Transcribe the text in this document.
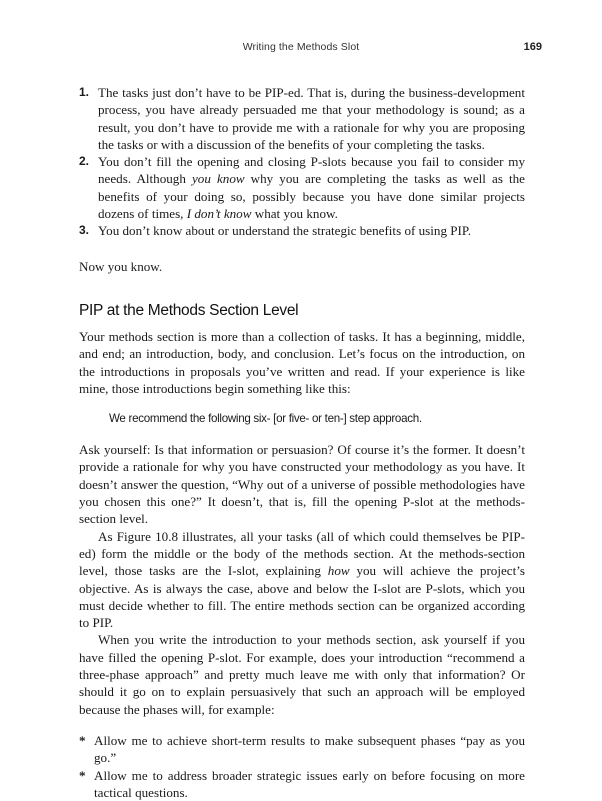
Writing the Methods Slot	169
1. The tasks just don’t have to be PIP-ed. That is, during the business-development process, you have already persuaded me that your methodology is sound; as a result, you don’t have to provide me with a rationale for why you are proposing the tasks or with a discussion of the benefits of your completing the tasks.
2. You don’t fill the opening and closing P-slots because you fail to consider my needs. Although you know why you are completing the tasks as well as the benefits of your doing so, possibly because you have done similar projects dozens of times, I don’t know what you know.
3. You don’t know about or understand the strategic benefits of using PIP.

Now you know.

PIP at the Methods Section Level

Your methods section is more than a collection of tasks. It has a beginning, middle, and end; an introduction, body, and conclusion. Let’s focus on the introduction, on the introductions in proposals you’ve written and read. If your experience is like mine, those introductions begin something like this:

We recommend the following six- [or five- or ten-] step approach.

Ask yourself: Is that information or persuasion? Of course it’s the former. It doesn’t provide a rationale for why you have constructed your methodology as you have. It doesn’t answer the question, “Why out of a universe of possible methodologies have you chosen this one?” It doesn’t, that is, fill the opening P-slot at the methods-section level.

As Figure 10.8 illustrates, all your tasks (all of which could themselves be PIP-ed) form the middle or the body of the methods section. At the methods-section level, those tasks are the I-slot, explaining how you will achieve the project’s objective. As is always the case, above and below the I-slot are P-slots, which you must decide whether to fill. The entire methods section can be organized according to PIP.

When you write the introduction to your methods section, ask yourself if you have filled the opening P-slot. For example, does your introduction “recommend a three-phase approach” and pretty much leave me with only that information? Or should it go on to explain persuasively that such an approach will be employed because the phases will, for example:

* Allow me to achieve short-term results to make subsequent phases “pay as you go.”
* Allow me to address broader strategic issues early on before focusing on more tactical questions.
